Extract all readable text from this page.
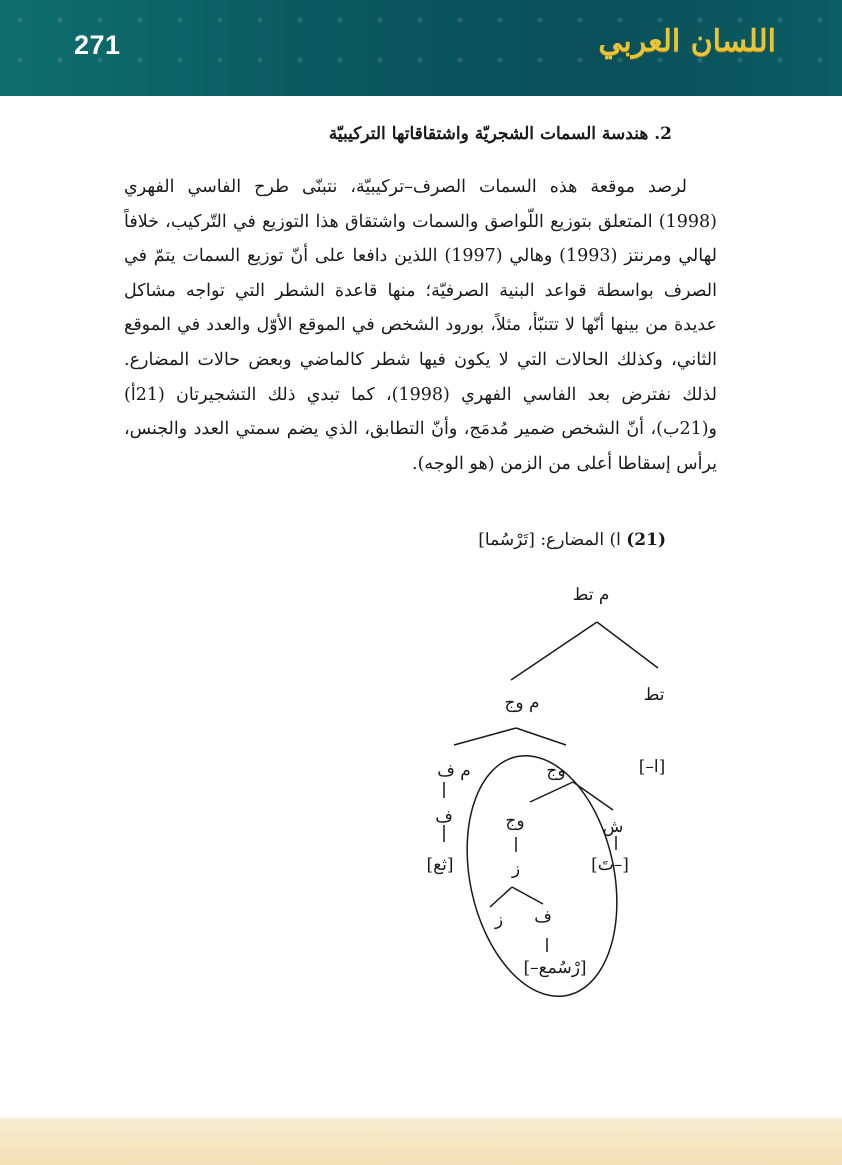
271	اللسان العربي
2. هندسة السمات الشجريّة واشتقاقاتها التركيبيّة

لرصد موقعة هذه السمات الصرف–تركيبيّة، نتبنّى طرح الفاسي الفهري (1998) المتعلق بتوزيع اللّواصق والسمات واشتقاق هذا التوزيع في التّركيب، خلافاً لهالي ومرنتز (1993) وهالي (1997) اللذين دافعا على أنّ توزيع السمات يتمّ في الصرف بواسطة قواعد البنية الصرفيّة؛ منها قاعدة الشطر التي تواجه مشاكل عديدة من بينها أنّها لا تتنبّأ، مثلاً، بورود الشخص في الموقع الأوّل والعدد في الموقع الثاني، وكذلك الحالات التي لا يكون فيها شطر كالماضي وبعض حالات المضارع. لذلك نفترض بعد الفاسي الفهري (1998)، كما تبدي ذلك التشجيرتان (21أ) و(21ب)، أنّ الشخص ضمير مُدمَج، وأنّ التطابق، الذي يضم سمتي العدد والجنس، يرأس إسقاطا أعلى من الزمن (هو الوجه).

(21) ا) المضارع: [تَرْسُما]
م تط
تط
م وج
م ف	وج	[–ا]
ف	وج	ش
[ثع]	ز	[تَ–]
ز ف
[–رْسُمع]
